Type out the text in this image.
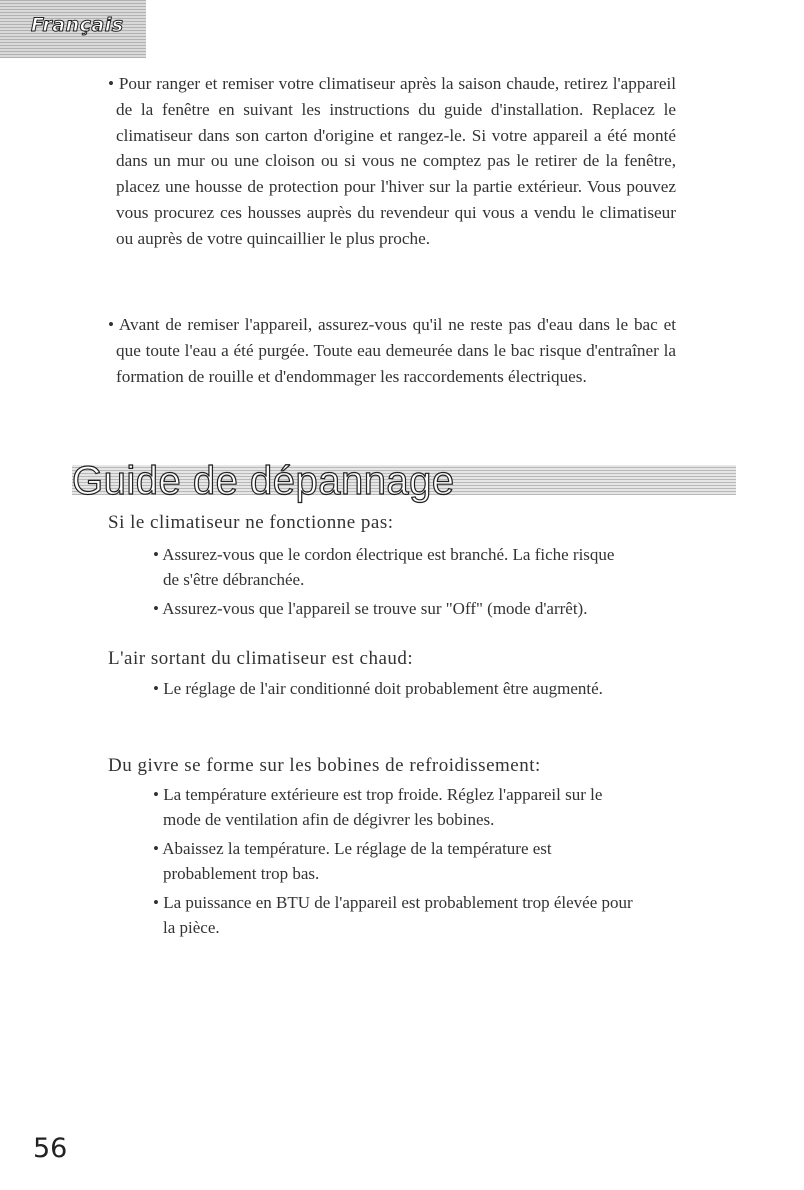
Français

• Pour ranger et remiser votre climatiseur après la saison chaude, retirez l'appareil de la fenêtre en suivant les instructions du guide d'installation. Replacez le climatiseur dans son carton d'origine et rangez-le. Si votre appareil a été monté dans un mur ou une cloison ou si vous ne comptez pas le retirer de la fenêtre, placez une housse de protection pour l'hiver sur la partie extérieur. Vous pouvez vous procurez ces housses auprès du revendeur qui vous a vendu le climatiseur ou auprès de votre quincaillier le plus proche.

• Avant de remiser l'appareil, assurez-vous qu'il ne reste pas d'eau dans le bac et que toute l'eau a été purgée. Toute eau demeurée dans le bac risque d'entraîner la formation de rouille et d'endommager les raccordements électriques.

Guide de dépannage
Si le climatiseur ne fonctionne pas:

• Assurez-vous que le cordon électrique est branché. La fiche risque de s'être débranchée.

• Assurez-vous que l'appareil se trouve sur "Off" (mode d'arrêt).

L'air sortant du climatiseur est chaud:

• Le réglage de l'air conditionné doit probablement être augmenté.

Du givre se forme sur les bobines de refroidissement:

• La température extérieure est trop froide. Réglez l'appareil sur le mode de ventilation afin de dégivrer les bobines.

• Abaissez la température. Le réglage de la température est probablement trop bas.

• La puissance en BTU de l'appareil est probablement trop élevée pour la pièce.

56
